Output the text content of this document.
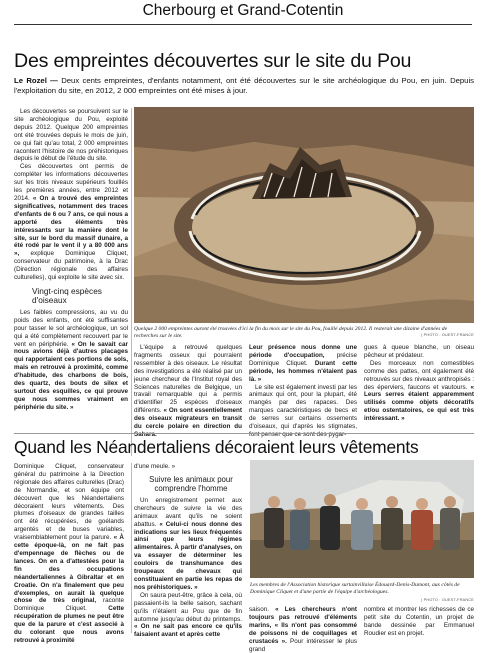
Cherbourg et Grand-Cotentin
Des empreintes découvertes sur le site du Pou
Le Rozel — Deux cents empreintes, d'enfants notamment, ont été découvertes sur le site archéologique du Pou, en juin. Depuis l'exploitation du site, en 2012, 2 000 empreintes ont été mises à jour.

Les découvertes se poursuivent sur le site archéologique du Pou, exploité depuis 2012. Quelque 200 empreintes ont été trouvées depuis le mois de juin, ce qui fait qu'au total, 2 000 empreintes racontent l'histoire de nos préhistoriques depuis le début de l'étude du site.

Ces découvertes ont permis de compléter les informations découvertes sur les trois niveaux supérieurs fouillés les premières années, entre 2012 et 2014. « On a trouvé des empreintes significatives, notamment des traces d'enfants de 6 ou 7 ans, ce qui nous a apporté des éléments très intéressants sur la manière dont le site, sur le bord du massif dunaire, a été rodé par le vent il y a 80 000 ans », explique Dominique Cliquet, conservateur du patrimoine, à la Drac (Direction régionale des affaires culturelles), qui exploite le site avec six.

Vingt-cinq espèces d'oiseaux

Les faibles compressions, au vu du poids des enfants, ont été suffisantes pour tasser le sol archéologique, un sol qui a été complètement recouvert par le vent en périphérie. « On le savait car nous avions déjà d'autres placages qui rapportaient ces portions de sols, mais en retrouvé à proximité, comme d'habitude, des charbons de bois, des quartz, des bouts de silex et surtout des esquilles, ce qui prouve que nous sommes vraiment en périphérie du site. »

Quelque 2 000 empreintes auront été trouvées d'ici la fin du mois sur le site du Pou, fouillé depuis 2012. Il resterait une dizaine d'années de recherches sur le site.	| PHOTO : OUEST-FRANCE

L'équipe a retrouvé quelques fragments osseux qui pourraient ressembler à des oiseaux. Le résultat des investigations a été réalisé par un jeune chercheur de l'Institut royal des Sciences naturelles de Belgique, un travail remarquable qui a permis d'identifier 25 espèces d'oiseaux différents. « On sont essentiellement des oiseaux migrateurs en transit du cercle polaire en direction du Sahara.

Leur présence nous donne une période d'occupation, précise Dominique Cliquet. Durant cette période, les hommes n'étaient pas là. »

Le site est également investi par les animaux qui ont, pour la plupart, été mangés par des rapaces. Des marques caractéristiques de becs et de serres sur certains ossements d'oiseaux, qui d'après les stigmates, font penser que ce sont des pygar-

gues à queue blanche, un oiseau pêcheur et prédateur.

Des morceaux non comestibles comme des pattes, ont également été retrouvés sur des niveaux anthropisés : des éperviers, faucons et vautours. « Leurs serres étaient apparemment utilisés comme objets décoratifs et/ou ostentatoires, ce qui est très intéressant. »

Quand les Néandertaliens décoraient leurs vêtements

Dominique Cliquet, conservateur général du patrimoine à la Direction régionale des affaires culturelles (Drac) de Normandie, et son équipe ont découvert que les Néandertaliens décoraient leurs vêtements. Des plumes d'oiseaux de grandes tailles ont été récupérées, de goélands argentés et de buses variables, vraisemblablement pour la parure. « À cette époque-là, on ne fait pas d'empennage de flèches ou de lances. On en a d'attestées pour la fin des occupations néandertaliennes à Gibraltar et en Croatie. On n'a finalement que peu d'exemples, on aurait là quelque chose de très original, raconte Dominique Cliquet.	Cette récupération de plumes ne peut être que de la parure et c'est associé à du colorant que nous avons retrouvé à proximité

d'une meule. »

Suivre les animaux pour comprendre l'homme

Un enregistrement permet aux chercheurs de suivre la vie des animaux avant qu'ils ne soient abattus. « Celui-ci nous donne des indications sur les lieux fréquentés ainsi que leurs régimes alimentaires. À partir d'analyses, on va essayer de déterminer les couloirs de transhumance des troupeaux de chevaux qui constituaient en partie les repas de nos préhistoriques. »

On saura peut-être, grâce à cela, où passaient-ils la belle saison, sachant qu'ils n'étaient au Pou que de fin automne jusqu'au début du printemps. « On ne sait pas encore ce qu'ils faisaient avant et après cette

Les membres de l'Association historique surtainvillaise Édouard-Denis-Dumont, aux côtés de Dominique Cliquet et d'une partie de l'équipe d'archéologues.
| PHOTO : OUEST-FRANCE

saison. « Les chercheurs n'ont toujours pas retrouvé d'éléments marins, « Ils n'ont pas consommé de poissons ni de coquillages et crustacés ». Pour intéresser le plus grand

nombre et montrer les richesses de ce petit site du Cotentin, un projet de bande dessinée par Emmanuel Roudier est en projet.
